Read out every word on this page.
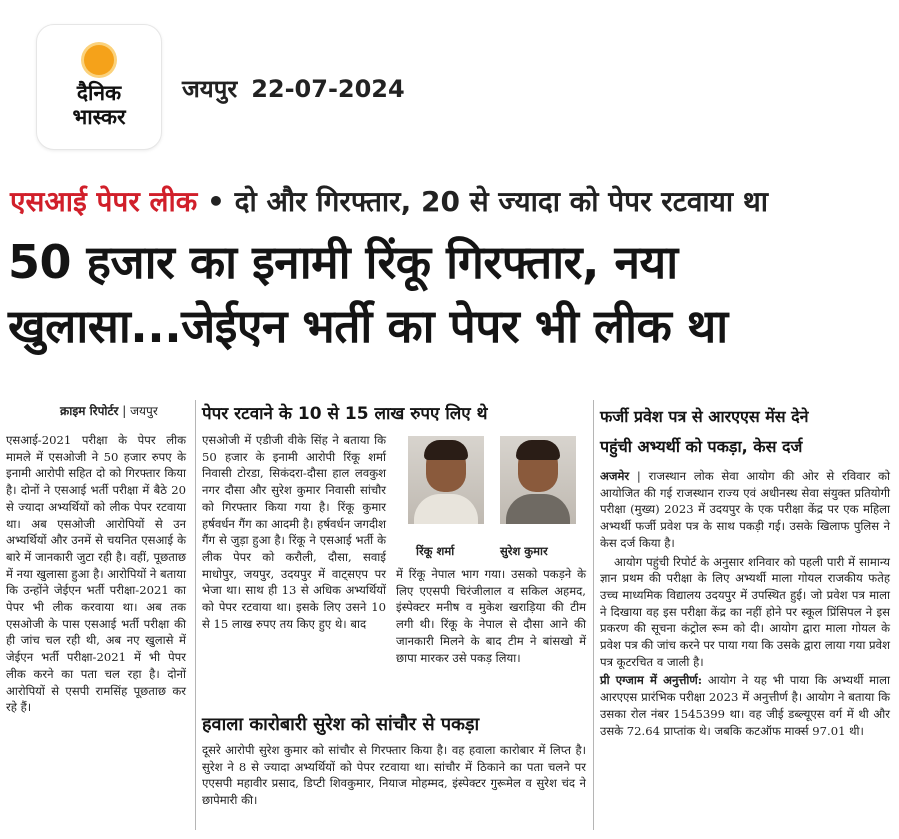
दैनिक
भास्कर
जयपुर 22-07-2024
एसआई पेपर लीक • दो और गिरफ्तार, 20 से ज्यादा को पेपर रटवाया था
50 हजार का इनामी रिंकू गिरफ्तार, नया खुलासा...जेईएन भर्ती का पेपर भी लीक था
क्राइम रिपोर्टर | जयपुर

एसआई-2021 परीक्षा के पेपर लीक मामले में एसओजी ने 50 हजार रुपए के इनामी आरोपी सहित दो को गिरफ्तार किया है। दोनों ने एसआई भर्ती परीक्षा में बैठे 20 से ज्यादा अभ्यर्थियों को लीक पेपर रटवाया था। अब एसओजी आरोपियों से उन अभ्यर्थियों और उनमें से चयनित एसआई के बारे में जानकारी जुटा रही है। वहीं, पूछताछ में नया खुलासा हुआ है। आरोपियों ने बताया कि उन्होंने जेईएन भर्ती परीक्षा-2021 का पेपर भी लीक करवाया था। अब तक एसओजी के पास एसआई भर्ती परीक्षा की ही जांच चल रही थी, अब नए खुलासे में जेईएन भर्ती परीक्षा-2021 में भी पेपर लीक करने का पता चल रहा है। दोनों आरोपियों से एसपी रामसिंह पूछताछ कर रहे हैं।

पेपर रटवाने के 10 से 15 लाख रुपए लिए थे

एसओजी में एडीजी वीके सिंह ने बताया कि 50 हजार के इनामी आरोपी रिंकू शर्मा निवासी टोरडा, सिकंदरा-दौसा हाल लवकुश नगर दौसा और सुरेश कुमार निवासी सांचौर को गिरफ्तार किया गया है। रिंकू कुमार हर्षवर्धन गैंग का आदमी है। हर्षवर्धन जगदीश गैंग से जुड़ा हुआ है। रिंकू ने एसआई भर्ती के लीक पेपर को करौली, दौसा, सवाई माधोपुर, जयपुर, उदयपुर में वाट्सएप पर भेजा था। साथ ही 13 से अधिक अभ्यर्थियों को पेपर रटवाया था। इसके लिए उसने 10 से 15 लाख रुपए तय किए हुए थे। बाद

रिंकू शर्मा	सुरेश कुमार

में रिंकू नेपाल भाग गया। उसको पकड़ने के लिए एएसपी चिरंजीलाल व सकिल अहमद, इंस्पेक्टर मनीष व मुकेश खराड़िया की टीम लगी थी। रिंकू के नेपाल से दौसा आने की जानकारी मिलने के बाद टीम ने बांसखो में छापा मारकर उसे पकड़ लिया।

हवाला कारोबारी सुरेश को सांचौर से पकड़ा

दूसरे आरोपी सुरेश कुमार को सांचौर से गिरफ्तार किया है। वह हवाला कारोबार में लिप्त है। सुरेश ने 8 से ज्यादा अभ्यर्थियों को पेपर रटवाया था। सांचौर में ठिकाने का पता चलने पर एएसपी महावीर प्रसाद, डिप्टी शिवकुमार, नियाज मोहम्मद, इंस्पेक्टर गुरूमेल व सुरेश चंद ने छापेमारी की।

फर्जी प्रवेश पत्र से आरएएस मेंस देने
पहुंची अभ्यर्थी को पकड़ा, केस दर्ज

अजमेर | राजस्थान लोक सेवा आयोग की ओर से रविवार को आयोजित की गई राजस्थान राज्य एवं अधीनस्थ सेवा संयुक्त प्रतियोगी परीक्षा (मुख्य) 2023 में उदयपुर के एक परीक्षा केंद्र पर एक महिला अभ्यर्थी फर्जी प्रवेश पत्र के साथ पकड़ी गई। उसके खिलाफ पुलिस ने केस दर्ज किया है।

आयोग पहुंची रिपोर्ट के अनुसार शनिवार को पहली पारी में सामान्य ज्ञान प्रथम की परीक्षा के लिए अभ्यर्थी माला गोयल राजकीय फतेह उच्च माध्यमिक विद्यालय उदयपुर में उपस्थित हुई। जो प्रवेश पत्र माला ने दिखाया वह इस परीक्षा केंद्र का नहीं होने पर स्कूल प्रिंसिपल ने इस प्रकरण की सूचना कंट्रोल रूम को दी। आयोग द्वारा माला गोयल के प्रवेश पत्र की जांच करने पर पाया गया कि उसके द्वारा लाया गया प्रवेश पत्र कूटरचित व जाली है।

प्री एग्जाम में अनुत्तीर्ण: आयोग ने यह भी पाया कि अभ्यर्थी माला आरएएस प्रारंभिक परीक्षा 2023 में अनुत्तीर्ण है। आयोग ने बताया कि उसका रोल नंबर 1545399 था। वह जीई डब्ल्यूएस वर्ग में थी और उसके 72.64 प्राप्तांक थे। जबकि कटऑफ मार्क्स 97.01 थी।
